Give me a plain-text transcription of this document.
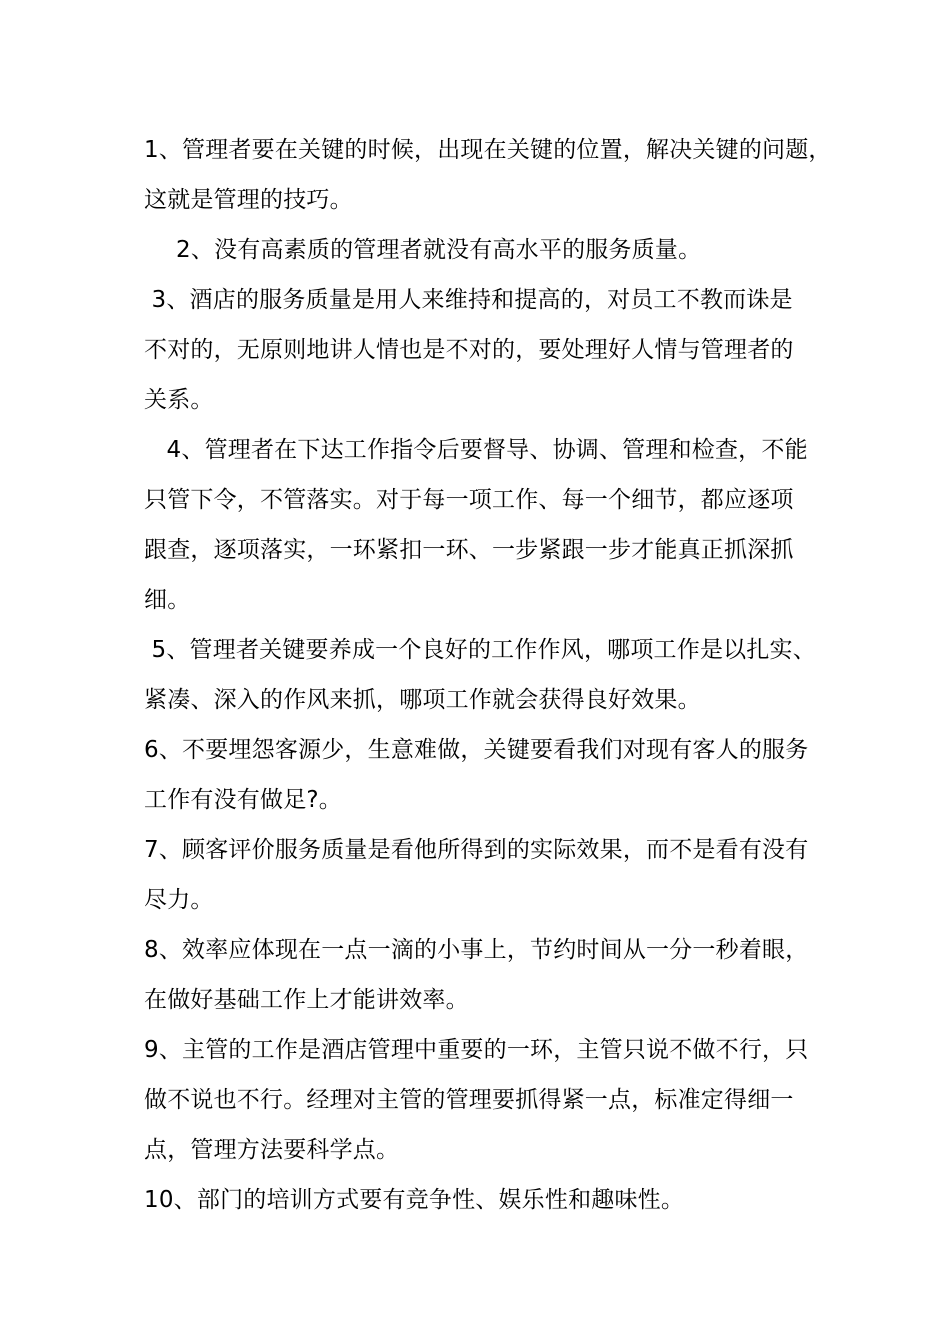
1、管理者要在关键的时候，出现在关键的位置，解决关键的问题，
这就是管理的技巧。
2、没有高素质的管理者就没有高水平的服务质量。
3、酒店的服务质量是用人来维持和提高的，对员工不教而诛是
不对的，无原则地讲人情也是不对的，要处理好人情与管理者的
关系。
4、管理者在下达工作指令后要督导、协调、管理和检查，不能
只管下令，不管落实。对于每一项工作、每一个细节，都应逐项
跟查，逐项落实，一环紧扣一环、一步紧跟一步才能真正抓深抓
细。
5、管理者关键要养成一个良好的工作作风，哪项工作是以扎实、
紧凑、深入的作风来抓，哪项工作就会获得良好效果。
6、不要埋怨客源少，生意难做，关键要看我们对现有客人的服务
工作有没有做足?。
7、顾客评价服务质量是看他所得到的实际效果，而不是看有没有
尽力。
8、效率应体现在一点一滴的小事上，节约时间从一分一秒着眼，
在做好基础工作上才能讲效率。
9、主管的工作是酒店管理中重要的一环，主管只说不做不行，只
做不说也不行。经理对主管的管理要抓得紧一点，标准定得细一
点，管理方法要科学点。
10、部门的培训方式要有竞争性、娱乐性和趣味性。
